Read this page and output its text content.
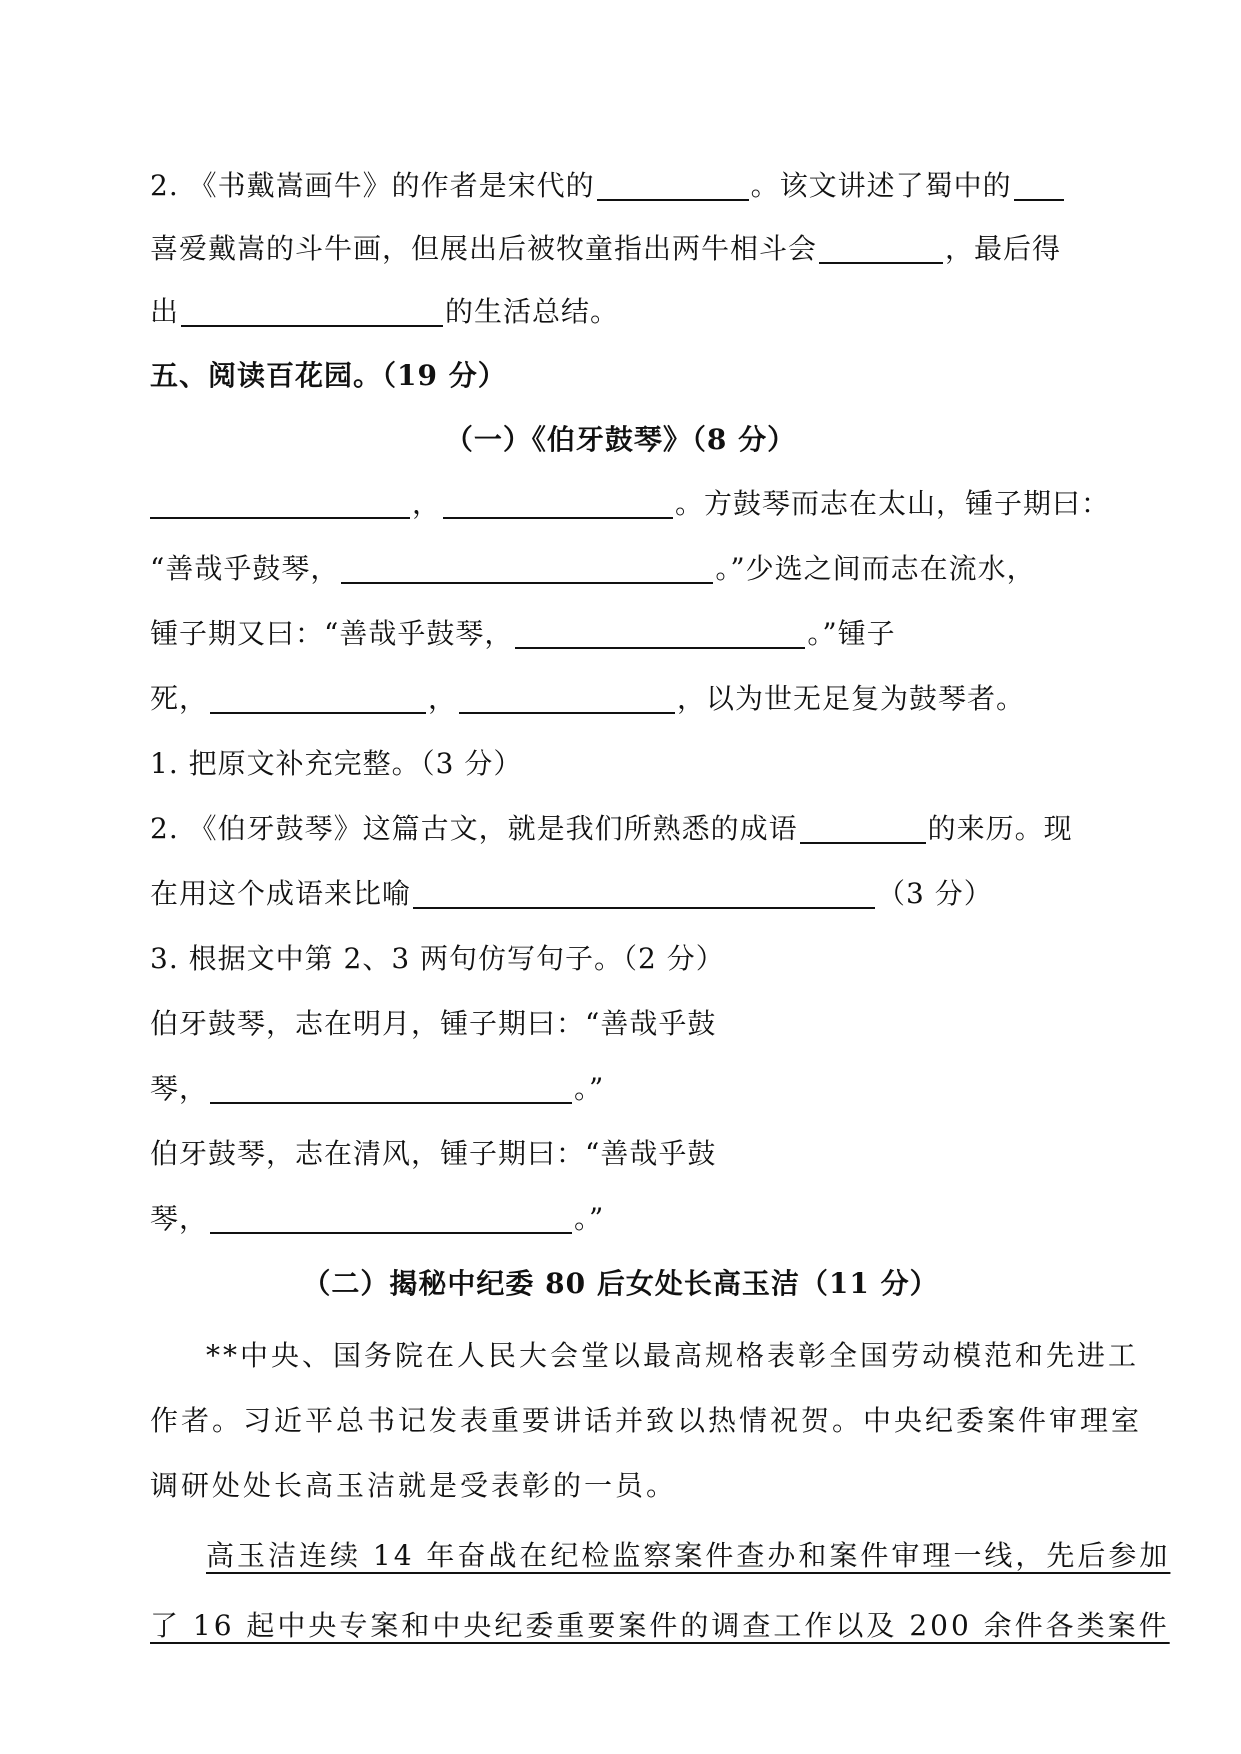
2. 《书戴嵩画牛》的作者是宋代的	。该文讲述了蜀中的
喜爱戴嵩的斗牛画，但展出后被牧童指出两牛相斗会	，最后得
出	的生活总结。
五、阅读百花园。（19 分）
（一）《伯牙鼓琴》（8 分）
，	。方鼓琴而志在太山，锺子期曰：
“善哉乎鼓琴，	。”少选之间而志在流水，
锺子期又曰：“善哉乎鼓琴，	。”锺子
死，	，	，以为世无足复为鼓琴者。
1. 把原文补充完整。（3 分）
2. 《伯牙鼓琴》这篇古文，就是我们所熟悉的成语	的来历。现
在用这个成语来比喻	（3 分）
3. 根据文中第 2、3 两句仿写句子。（2 分）
伯牙鼓琴，志在明月，锺子期曰：“善哉乎鼓
琴，	。”
伯牙鼓琴，志在清风，锺子期曰：“善哉乎鼓
琴，	。”
（二）揭秘中纪委 80 后女处长高玉洁（11 分）
**中央、国务院在人民大会堂以最高规格表彰全国劳动模范和先进工
作者。习近平总书记发表重要讲话并致以热情祝贺。中央纪委案件审理室
调研处处长高玉洁就是受表彰的一员。
高玉洁连续 14 年奋战在纪检监察案件查办和案件审理一线，先后参加
了 16 起中央专案和中央纪委重要案件的调查工作以及 200 余件各类案件
